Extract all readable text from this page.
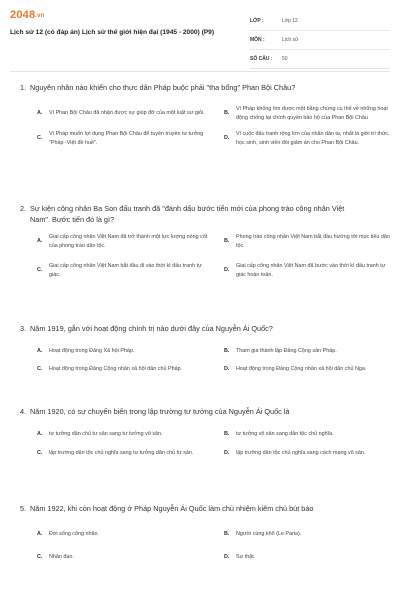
2048.vn
Lịch sử 12 (có đáp án) Lịch sử thế giới hiện đại (1945 - 2000) (P9)
LỚP :	Lớp 12
MÔN :	Lịch sử
SỐ CÂU :	50
1. Nguyên nhân nào khiến cho thực dân Pháp buộc phải "tha bổng" Phan Bội Châu?
A.	Vì Phan Bội Châu đã nhận được sự giúp đỡ của một luật sư giỏi.	B.
Vì Pháp không tìm được một bằng chứng cụ thể về những hoạt động chống lại chính quyền bảo hộ của Phan Bội Châu
C.
Vì Pháp muốn lợi dụng Phan Bội Châu để tuyên truyền tư tưởng "Pháp -Việt đề huề".
D.
Vì cuộc đấu tranh rộng lớn của nhân dân ta, nhất là giới trí thức, học sinh, sinh viên đòi giảm án cho Phan Bội Châu.
2. Sự kiện công nhân Ba Son đấu tranh đã "đánh dấu bước tiến mới của phong trào công nhân Việt Nam". Bước tiến đó là gì?
A.
Giai cấp công nhân Việt Nam đã trở thành một lực lượng nòng cốt của phong trào dân tộc.
B.
Phong trào công nhân Việt Nam bắt đầu hướng tới mục tiêu dân tộc.
C.
Giai cấp công nhân Việt Nam bắt đầu đi vào thời kì đấu tranh tự giác.
D.
Giai cấp công nhân Việt Nam đã bước vào thời kì đấu tranh tự giác hoàn toàn.
3. Năm 1919, gắn với hoạt động chính trị nào dưới đây của Nguyễn Ái Quốc?
A.	Hoạt động trong Đảng Xã hội Pháp.	B.	Tham gia thành lập Đảng Cộng sản Pháp.
C.	Hoạt động trong Đảng Cộng nhân xã hội dân chủ Pháp.	D.	Hoạt động trong Đảng Cộng nhân xã hội dân chủ Nga.
4. Năm 1920, có sự chuyển biến trong lập trường tư tưởng của Nguyễn Ái Quốc là
A.	tư tưởng dân chủ tư sản sang tư tưởng vô sản.	B.	tư tưởng vô sản sang dân tộc chủ nghĩa.
C.	lập trường dân tộc chủ nghĩa sang tư tưởng dân chủ tư sản.	D.	lập trường dân tộc chủ nghĩa sang cách mạng vô sản.
5. Năm 1922, khi còn hoạt động ở Pháp Nguyễn Ái Quốc làm chủ nhiệm kiêm chủ bút báo
A.	Đời sống công nhân.	B.	Người cùng khổ (Le Paria).
C.	Nhân đạo.	D.	Sự thật.
